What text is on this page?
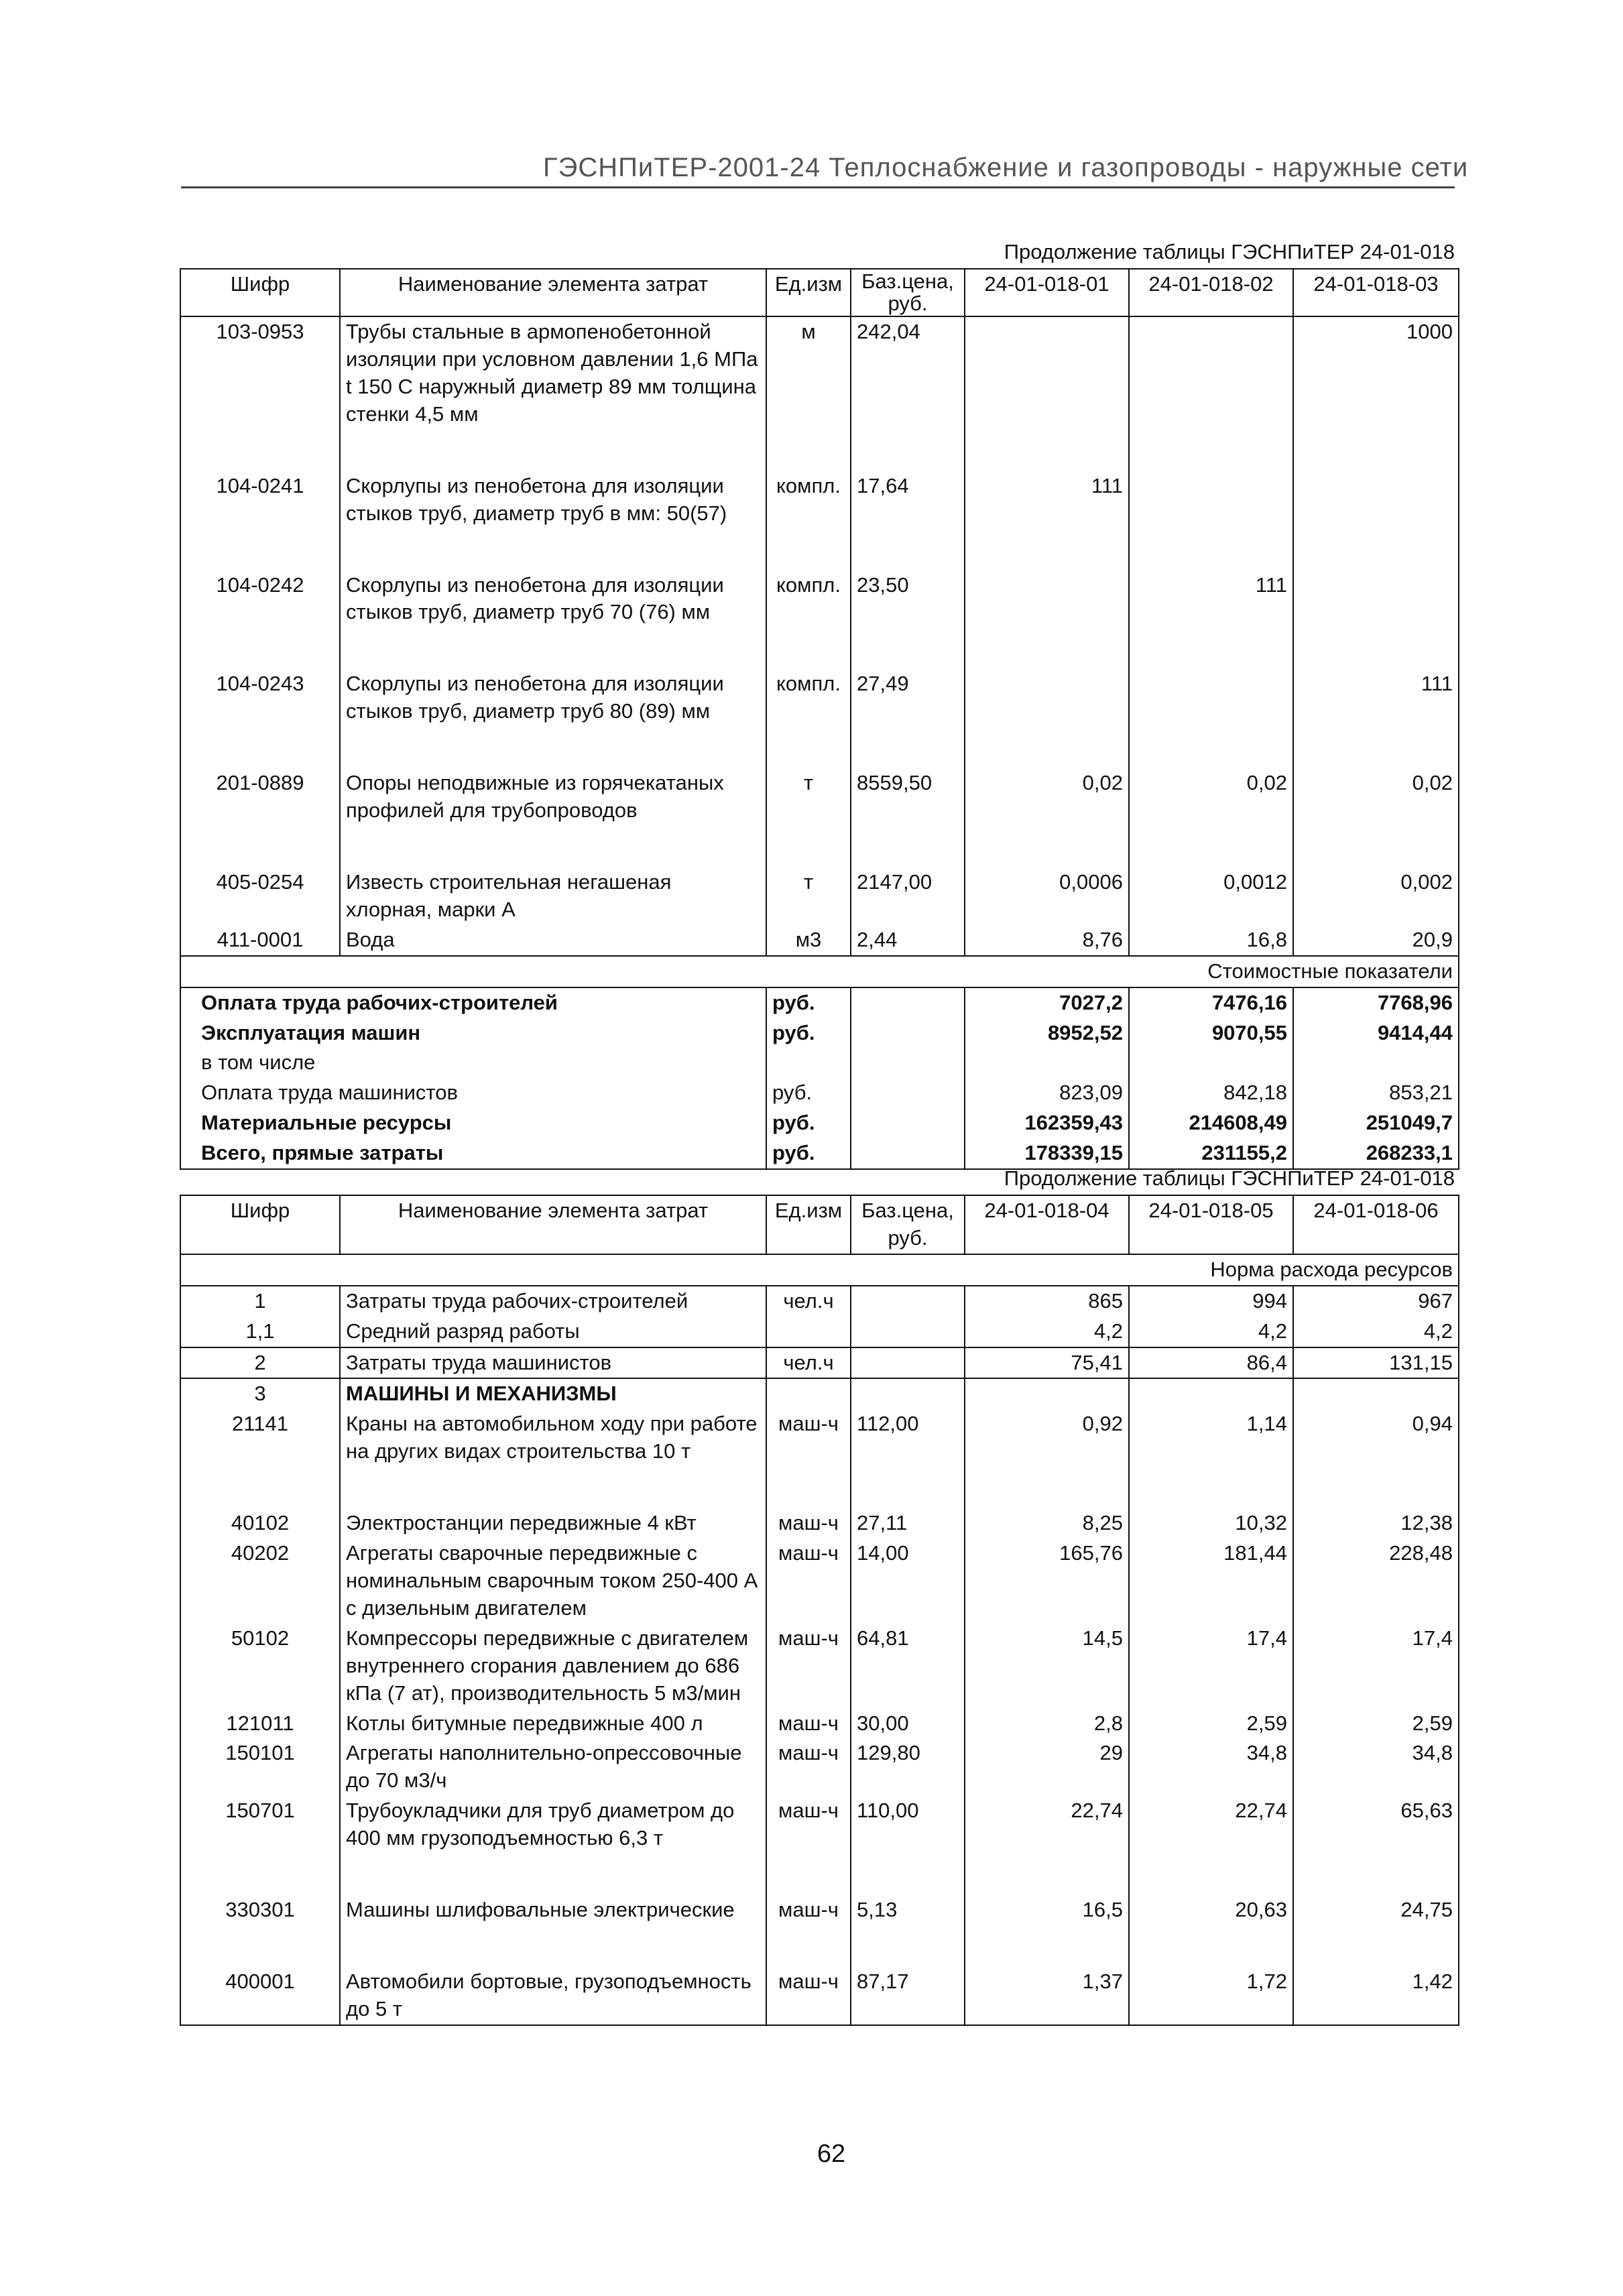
ГЭСНПиТЕР-2001-24 Теплоснабжение и газопроводы - наружные сети
Продолжение таблицы ГЭСНПиТЕР 24-01-018
Шифр	Наименование элемента затрат	Ед.изм	Баз.цена, руб.	24-01-018-01	24-01-018-02	24-01-018-03
103-0953	Трубы стальные в армопенобетонной изоляции при условном давлении 1,6 МПа t 150 С наружный диаметр 89 мм толщина стенки 4,5 мм	м	242,04			1000

104-0241	Скорлупы из пенобетона для изоляции стыков труб, диаметр труб в мм: 50(57)	компл.	17,64	111		

104-0242	Скорлупы из пенобетона для изоляции стыков труб, диаметр труб 70 (76) мм	компл.	23,50		111	

104-0243	Скорлупы из пенобетона для изоляции стыков труб, диаметр труб 80 (89) мм	компл.	27,49			111

201-0889	Опоры неподвижные из горячекатаных профилей для трубопроводов	т	8559,50	0,02	0,02	0,02

405-0254	Известь строительная негашеная хлорная, марки А	т	2147,00	0,0006	0,0012	0,002
411-0001	Вода	м3	2,44	8,76	16,8	20,9
Стоимостные показатели						
Оплата труда рабочих-строителей		руб.		7027,2	7476,16	7768,96
Эксплуатация машин		руб.		8952,52	9070,55	9414,44
в том числе						
Оплата труда машинистов		руб.		823,09	842,18	853,21
Материальные ресурсы		руб.		162359,43	214608,49	251049,7
Всего, прямые затраты		руб.		178339,15	231155,2	268233,1
Продолжение таблицы ГЭСНПиТЕР 24-01-018
Шифр	Наименование элемента затрат	Ед.изм	Баз.цена, руб.	24-01-018-04	24-01-018-05	24-01-018-06
Норма расхода ресурсов						
1	Затраты труда рабочих-строителей	чел.ч		865	994	967
1,1	Средний разряд работы			4,2	4,2	4,2
2	Затраты труда машинистов	чел.ч		75,41	86,4	131,15
3	МАШИНЫ И МЕХАНИЗМЫ					
21141	Краны на автомобильном ходу при работе на других видах строительства 10 т	маш-ч	112,00	0,92	1,14	0,94

40102	Электростанции передвижные 4 кВт	маш-ч	27,11	8,25	10,32	12,38
40202	Агрегаты сварочные передвижные с номинальным сварочным током 250-400 А с дизельным двигателем	маш-ч	14,00	165,76	181,44	228,48
50102	Компрессоры передвижные с двигателем внутреннего сгорания давлением до 686 кПа (7 ат), производительность 5 м3/мин	маш-ч	64,81	14,5	17,4	17,4
121011	Котлы битумные передвижные 400 л	маш-ч	30,00	2,8	2,59	2,59
150101	Агрегаты наполнительно-опрессовочные до 70 м3/ч	маш-ч	129,80	29	34,8	34,8
150701	Трубоукладчики для труб диаметром до 400 мм грузоподъемностью 6,3 т	маш-ч	110,00	22,74	22,74	65,63

330301	Машины шлифовальные электрические	маш-ч	5,13	16,5	20,63	24,75

400001	Автомобили бортовые, грузоподъемность до 5 т	маш-ч	87,17	1,37	1,72	1,42
62
